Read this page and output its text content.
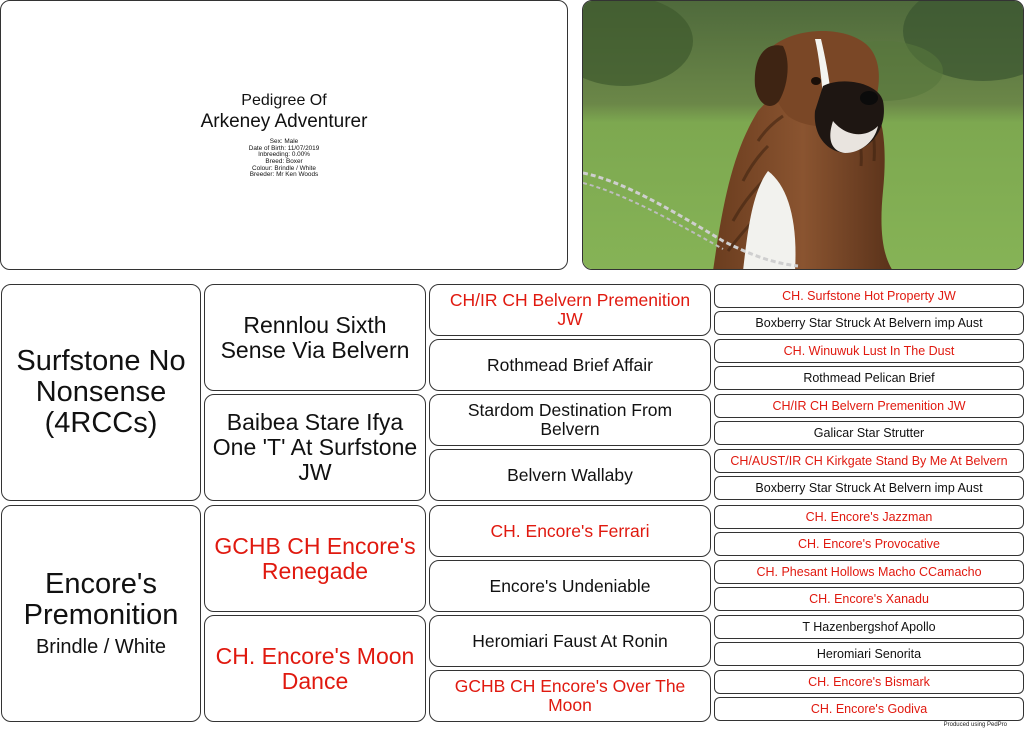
Pedigree Of
Arkeney Adventurer
Sex: Male
Date of Birth: 11/07/2019
Inbreeding: 0.00%
Breed: Boxer
Colour: Brindle / White
Breeder: Mr Ken Woods
Surfstone No Nonsense (4RCCs)
Encore's Premonition
Brindle / White
Rennlou Sixth Sense Via Belvern
Baibea Stare Ifya One 'T' At Surfstone JW
GCHB CH Encore's Renegade
CH. Encore's Moon Dance
CH/IR CH Belvern Premenition JW
Rothmead Brief Affair
Stardom Destination From Belvern
Belvern Wallaby
CH. Encore's Ferrari
Encore's Undeniable
Heromiari Faust At Ronin
GCHB CH Encore's Over The Moon
CH. Surfstone Hot Property JW
Boxberry Star Struck At Belvern imp Aust
CH. Winuwuk Lust In The Dust
Rothmead Pelican Brief
CH/IR CH Belvern Premenition JW
Galicar Star Strutter
CH/AUST/IR CH Kirkgate Stand By Me At Belvern
Boxberry Star Struck At Belvern imp Aust
CH. Encore's Jazzman
CH. Encore's Provocative
CH. Phesant Hollows Macho CCamacho
CH. Encore's Xanadu
T Hazenbergshof Apollo
Heromiari Senorita
CH. Encore's Bismark
CH. Encore's Godiva
Produced using PedPro
